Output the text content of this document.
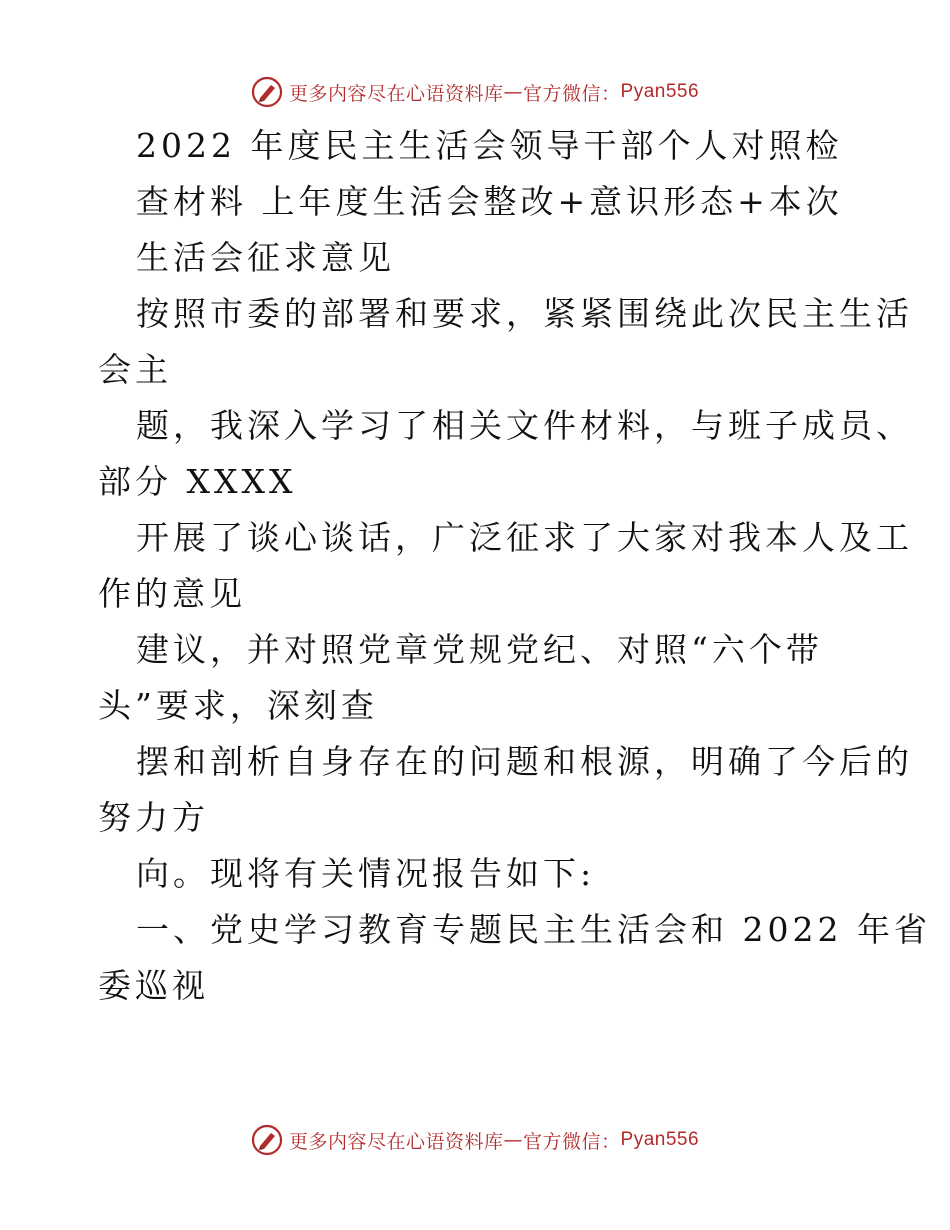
更多内容尽在心语资料库 — 官方微信 ： Pyan556
2022 年度民主生活会领导干部个人对照检
查材料 上年度生活会整改+意识形态+本次
生活会征求意见
按照市委的部署和要求，紧紧围绕此次民主生活
会主
题，我深入学习了相关文件材料，与班子成员、
部分 XXXX
开展了谈心谈话，广泛征求了大家对我本人及工
作的意见
建议，并对照党章党规党纪、对照“六个带
头”要求，深刻查
摆和剖析自身存在的问题和根源，明确了今后的
努力方
向。现将有关情况报告如下:
一、党史学习教育专题民主生活会和 2022 年省
委巡视
更多内容尽在心语资料库 — 官方微信 ： Pyan556
